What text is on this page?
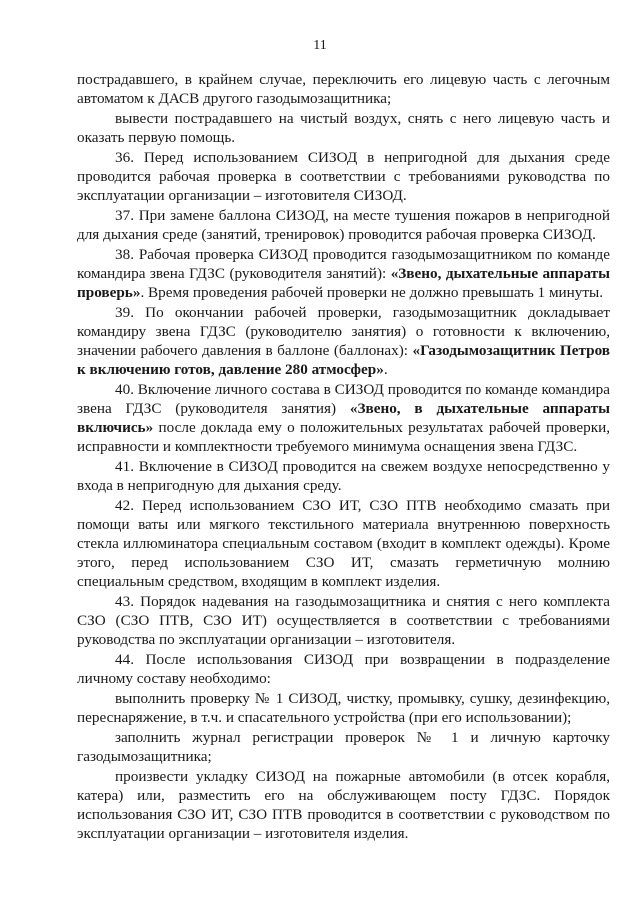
11

пострадавшего, в крайнем случае, переключить его лицевую часть с легочным автоматом к ДАСВ другого газодымозащитника;

вывести пострадавшего на чистый воздух, снять с него лицевую часть и оказать первую помощь.

36. Перед использованием СИЗОД в непригодной для дыхания среде проводится рабочая проверка в соответствии с требованиями руководства по эксплуатации организации – изготовителя СИЗОД.

37. При замене баллона СИЗОД, на месте тушения пожаров в непригодной для дыхания среде (занятий, тренировок) проводится рабочая проверка СИЗОД.

38. Рабочая проверка СИЗОД проводится газодымозащитником по команде командира звена ГДЗС (руководителя занятий): «Звено, дыхательные аппараты проверь». Время проведения рабочей проверки не должно превышать 1 минуты.

39. По окончании рабочей проверки, газодымозащитник докладывает командиру звена ГДЗС (руководителю занятия) о готовности к включению, значении рабочего давления в баллоне (баллонах): «Газодымозащитник Петров к включению готов, давление 280 атмосфер».

40. Включение личного состава в СИЗОД проводится по команде командира звена ГДЗС (руководителя занятия) «Звено, в дыхательные аппараты включись» после доклада ему о положительных результатах рабочей проверки, исправности и комплектности требуемого минимума оснащения звена ГДЗС.

41. Включение в СИЗОД проводится на свежем воздухе непосредственно у входа в непригодную для дыхания среду.

42. Перед использованием СЗО ИТ, СЗО ПТВ необходимо смазать при помощи ваты или мягкого текстильного материала внутреннюю поверхность стекла иллюминатора специальным составом (входит в комплект одежды). Кроме этого, перед использованием СЗО ИТ, смазать герметичную молнию специальным средством, входящим в комплект изделия.

43. Порядок надевания на газодымозащитника и снятия с него комплекта СЗО (СЗО ПТВ, СЗО ИТ) осуществляется в соответствии с требованиями руководства по эксплуатации организации – изготовителя.

44. После использования СИЗОД при возвращении в подразделение личному составу необходимо:

выполнить проверку № 1 СИЗОД, чистку, промывку, сушку, дезинфекцию, переснаряжение, в т.ч. и спасательного устройства (при его использовании);

заполнить журнал регистрации проверок № 1 и личную карточку газодымозащитника;

произвести укладку СИЗОД на пожарные автомобили (в отсек корабля, катера) или, разместить его на обслуживающем посту ГДЗС. Порядок использования СЗО ИТ, СЗО ПТВ проводится в соответствии с руководством по эксплуатации организации – изготовителя изделия.
